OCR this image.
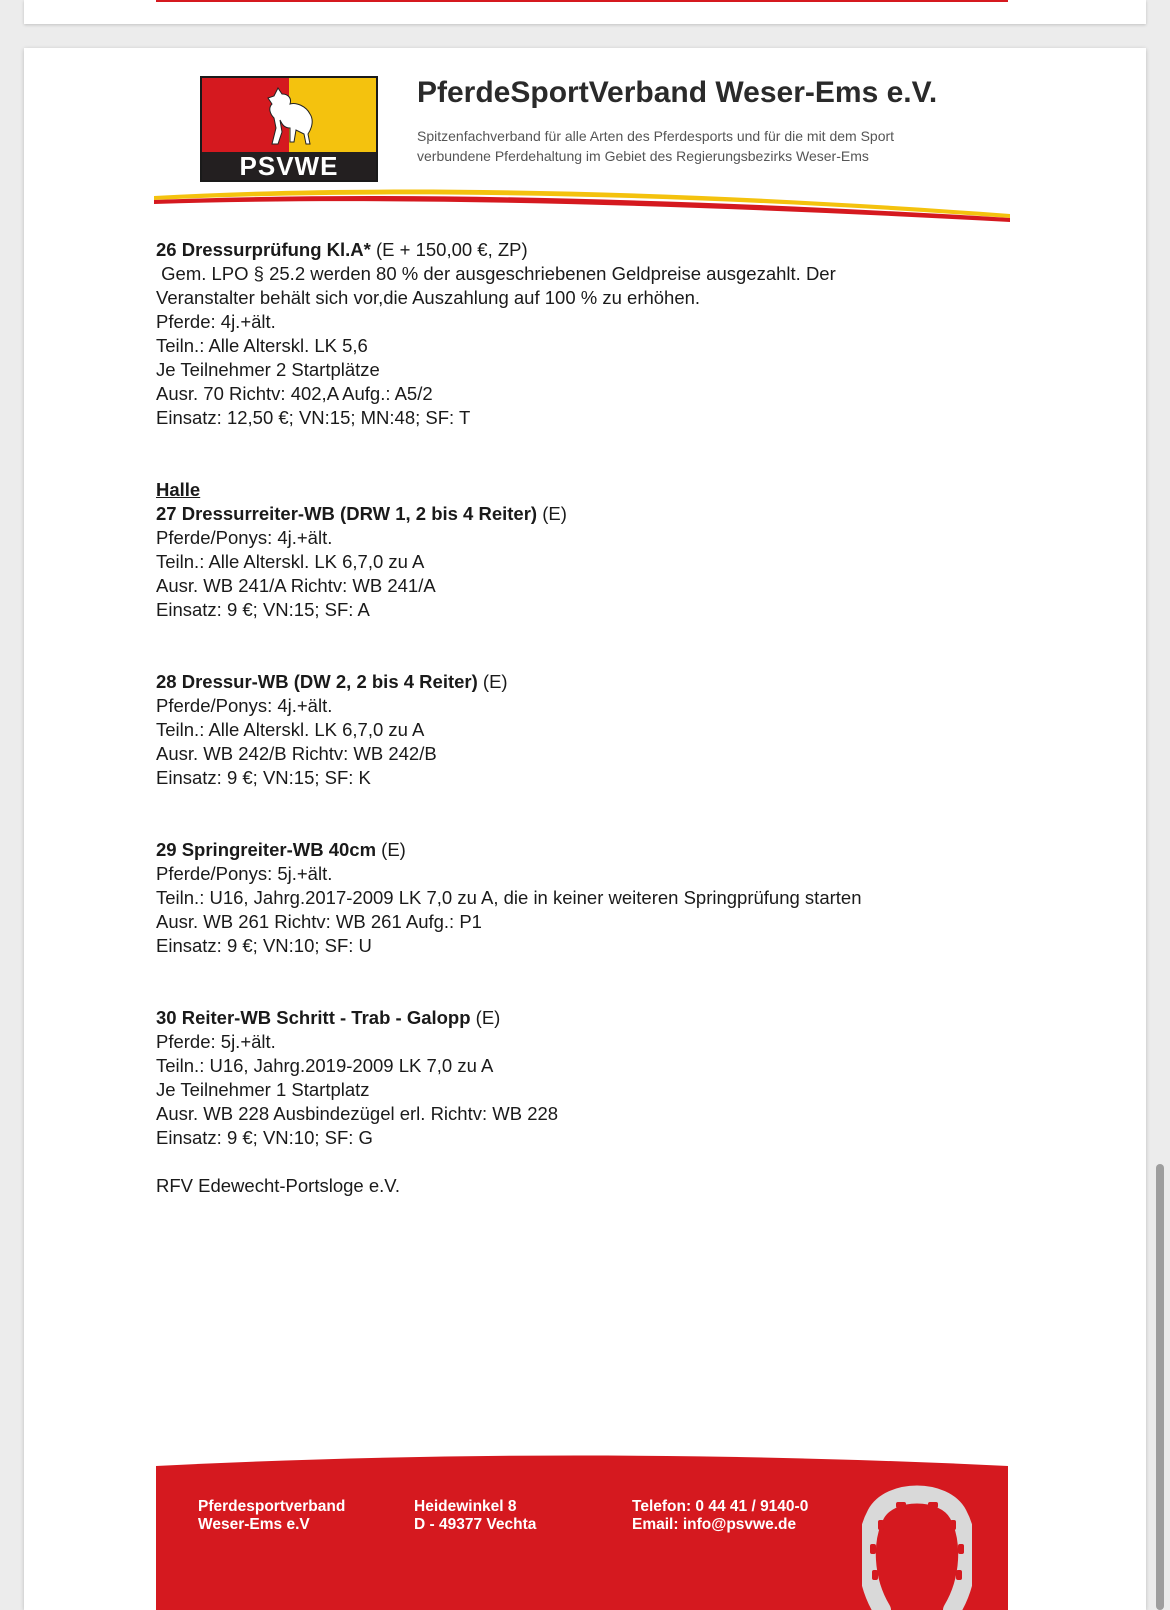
PSVWE
PferdeSportVerband Weser-Ems e.V.
Spitzenfachverband für alle Arten des Pferdesports und für die mit dem Sport
verbundene Pferdehaltung im Gebiet des Regierungsbezirks Weser-Ems

26 Dressurprüfung Kl.A* (E + 150,00 €, ZP)

Gem. LPO § 25.2 werden 80 % der ausgeschriebenen Geldpreise ausgezahlt. Der

Veranstalter behält sich vor,die Auszahlung auf 100 % zu erhöhen.

Pferde: 4j.+ält.

Teiln.: Alle Alterskl. LK 5,6

Je Teilnehmer 2 Startplätze

Ausr. 70 Richtv: 402,A Aufg.: A5/2

Einsatz: 12,50 €; VN:15; MN:48; SF: T

Halle

27 Dressurreiter-WB (DRW 1, 2 bis 4 Reiter) (E)

Pferde/Ponys: 4j.+ält.

Teiln.: Alle Alterskl. LK 6,7,0 zu A

Ausr. WB 241/A Richtv: WB 241/A

Einsatz: 9 €; VN:15; SF: A

28 Dressur-WB (DW 2, 2 bis 4 Reiter) (E)

Pferde/Ponys: 4j.+ält.

Teiln.: Alle Alterskl. LK 6,7,0 zu A

Ausr. WB 242/B Richtv: WB 242/B

Einsatz: 9 €; VN:15; SF: K

29 Springreiter-WB 40cm (E)

Pferde/Ponys: 5j.+ält.

Teiln.: U16, Jahrg.2017-2009 LK 7,0 zu A, die in keiner weiteren Springprüfung starten

Ausr. WB 261 Richtv: WB 261 Aufg.: P1

Einsatz: 9 €; VN:10; SF: U

30 Reiter-WB Schritt - Trab - Galopp (E)

Pferde: 5j.+ält.

Teiln.: U16, Jahrg.2019-2009 LK 7,0 zu A

Je Teilnehmer 1 Startplatz

Ausr. WB 228 Ausbindezügel erl. Richtv: WB 228

Einsatz: 9 €; VN:10; SF: G

RFV Edewecht-Portsloge e.V.

Pferdesportverband
Weser-Ems e.V
Heidewinkel 8
D - 49377 Vechta
Telefon: 0 44 41 / 9140-0
Email: info@psvwe.de
